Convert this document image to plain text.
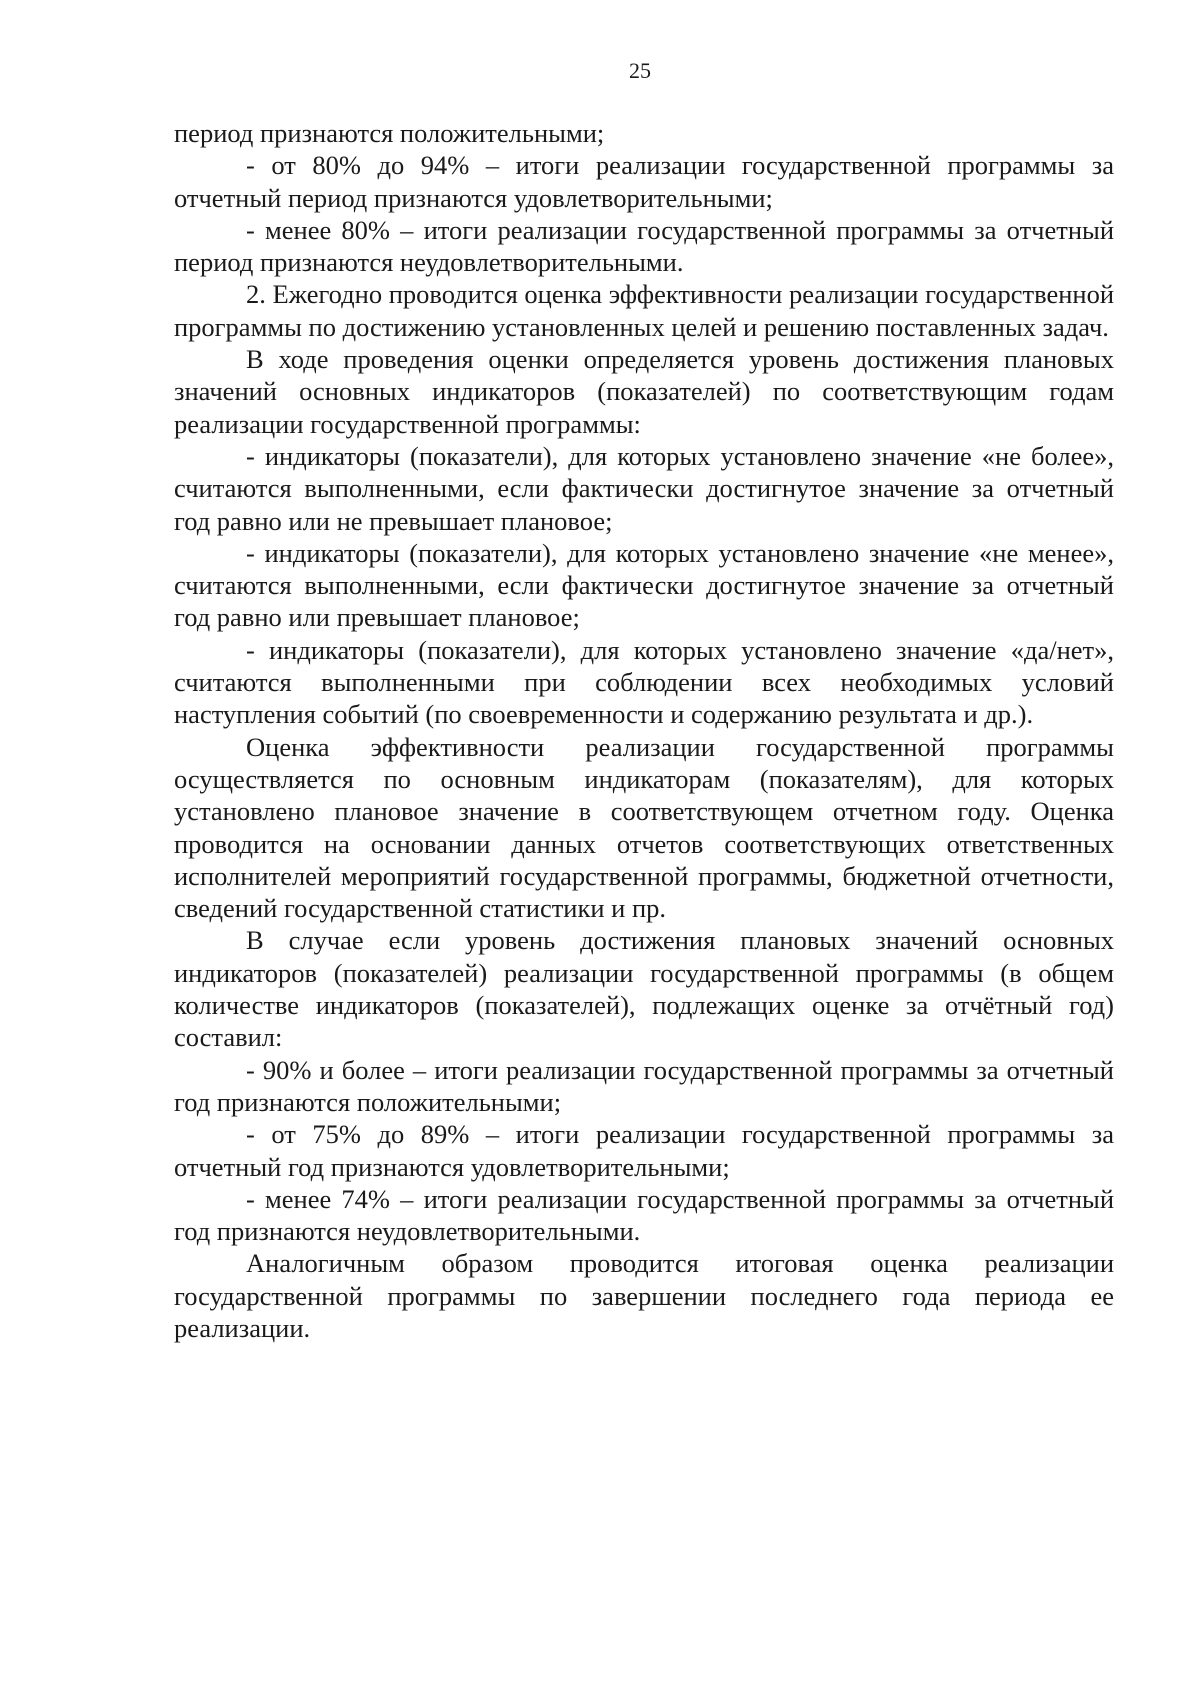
25

период признаются положительными;

- от 80% до 94% – итоги реализации государственной программы за отчетный период признаются удовлетворительными;

- менее 80% – итоги реализации государственной программы за отчетный период признаются неудовлетворительными.

2. Ежегодно проводится оценка эффективности реализации государственной программы по достижению установленных целей и решению поставленных задач.

В ходе проведения оценки определяется уровень достижения плановых значений основных индикаторов (показателей) по соответствующим годам реализации государственной программы:

- индикаторы (показатели), для которых установлено значение «не более», считаются выполненными, если фактически достигнутое значение за отчетный год равно или не превышает плановое;

- индикаторы (показатели), для которых установлено значение «не менее», считаются выполненными, если фактически достигнутое значение за отчетный год равно или превышает плановое;

- индикаторы (показатели), для которых установлено значение «да/нет», считаются выполненными при соблюдении всех необходимых условий наступления событий (по своевременности и содержанию результата и др.).

Оценка эффективности реализации государственной программы осуществляется по основным индикаторам (показателям), для которых установлено плановое значение в соответствующем отчетном году. Оценка проводится на основании данных отчетов соответствующих ответственных исполнителей мероприятий государственной программы, бюджетной отчетности, сведений государственной статистики и пр.

В случае если уровень достижения плановых значений основных индикаторов (показателей) реализации государственной программы (в общем количестве индикаторов (показателей), подлежащих оценке за отчётный год) составил:

- 90% и более – итоги реализации государственной программы за отчетный год признаются положительными;

- от 75% до 89% – итоги реализации государственной программы за отчетный год признаются удовлетворительными;

- менее 74% – итоги реализации государственной программы за отчетный год признаются неудовлетворительными.

Аналогичным образом проводится итоговая оценка реализации государственной программы по завершении последнего года периода ее реализации.
